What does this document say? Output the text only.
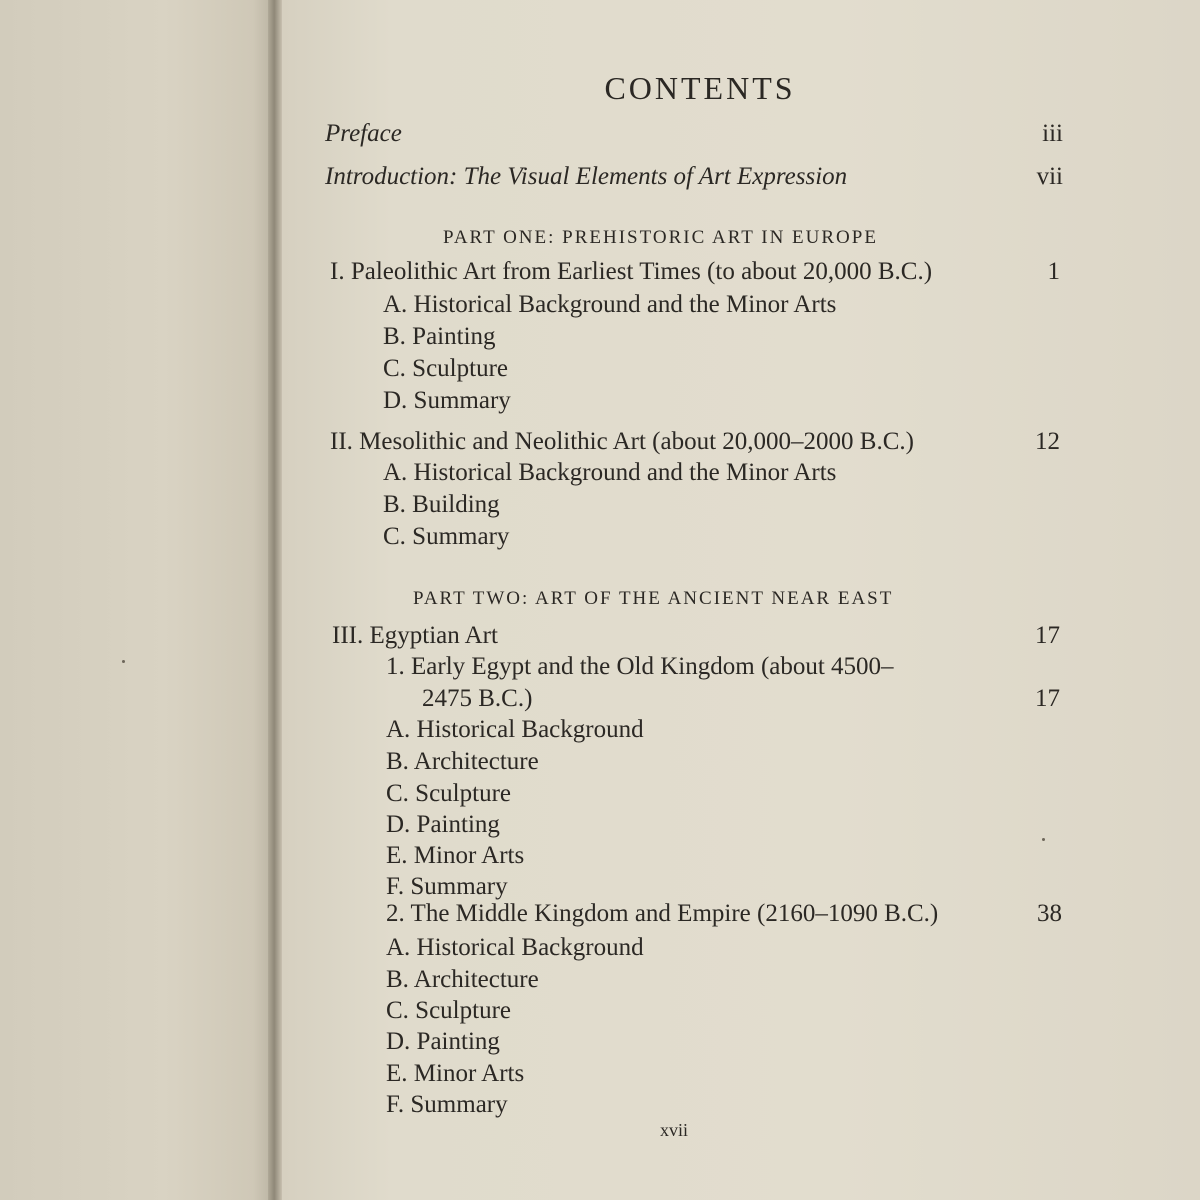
CONTENTS
Preface	iii
Introduction: The Visual Elements of Art Expression	vii
PART ONE: PREHISTORIC ART IN EUROPE
I. Paleolithic Art from Earliest Times (to about 20,000 B.C.)	1
A. Historical Background and the Minor Arts
B. Painting
C. Sculpture
D. Summary
II. Mesolithic and Neolithic Art (about 20,000–2000 B.C.)	12
A. Historical Background and the Minor Arts
B. Building
C. Summary
PART TWO: ART OF THE ANCIENT NEAR EAST
III. Egyptian Art	17
1. Early Egypt and the Old Kingdom (about 4500–
2475 B.C.)	17
A. Historical Background
B. Architecture
C. Sculpture
D. Painting
E. Minor Arts
F. Summary
2. The Middle Kingdom and Empire (2160–1090 B.C.)	38
A. Historical Background
B. Architecture
C. Sculpture
D. Painting
E. Minor Arts
F. Summary
xvii
